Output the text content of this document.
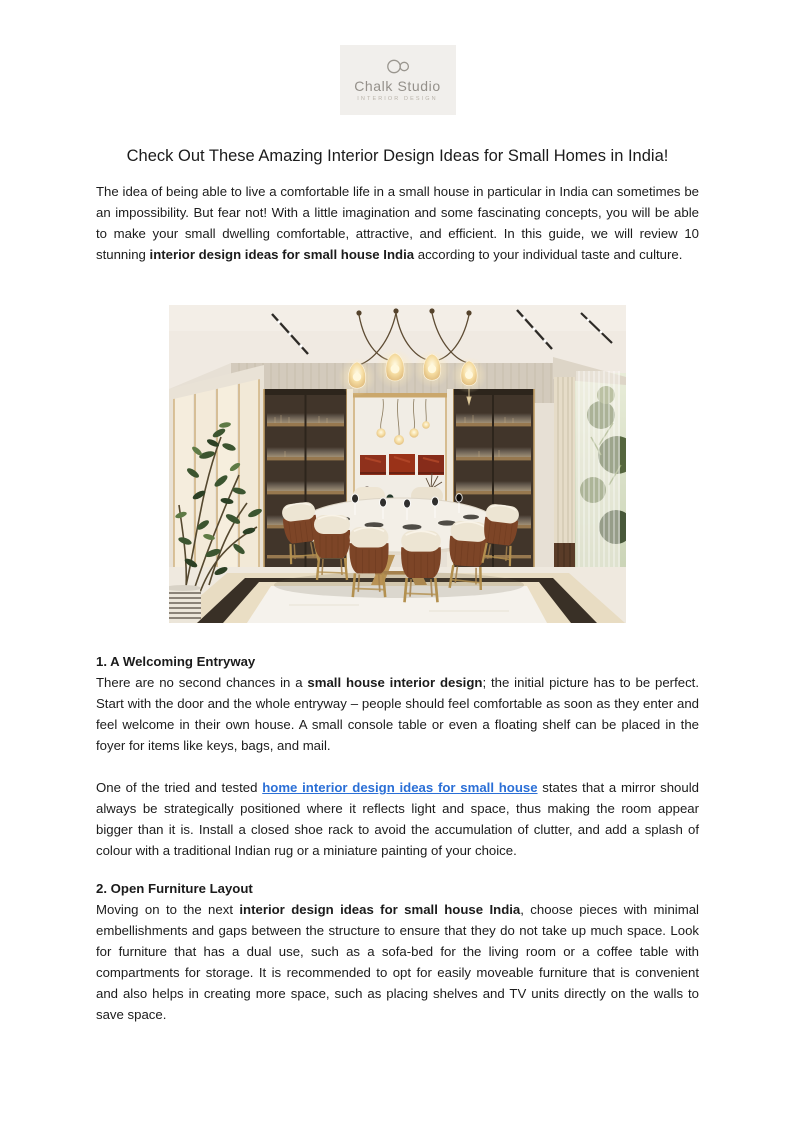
Chalk Studio
INTERIOR DESIGN
Check Out These Amazing Interior Design Ideas for Small Homes in India!

The idea of being able to live a comfortable life in a small house in particular in India can sometimes be an impossibility. But fear not! With a little imagination and some fascinating concepts, you will be able to make your small dwelling comfortable, attractive, and efficient. In this guide, we will review 10 stunning interior design ideas for small house India according to your individual taste and culture.

1. A Welcoming Entryway

There are no second chances in a small house interior design; the initial picture has to be perfect. Start with the door and the whole entryway – people should feel comfortable as soon as they enter and feel welcome in their own house. A small console table or even a floating shelf can be placed in the foyer for items like keys, bags, and mail.

One of the tried and tested home interior design ideas for small house states that a mirror should always be strategically positioned where it reflects light and space, thus making the room appear bigger than it is. Install a closed shoe rack to avoid the accumulation of clutter, and add a splash of colour with a traditional Indian rug or a miniature painting of your choice.

2. Open Furniture Layout

Moving on to the next interior design ideas for small house India, choose pieces with minimal embellishments and gaps between the structure to ensure that they do not take up much space. Look for furniture that has a dual use, such as a sofa-bed for the living room or a coffee table with compartments for storage. It is recommended to opt for easily moveable furniture that is convenient and also helps in creating more space, such as placing shelves and TV units directly on the walls to save space.
